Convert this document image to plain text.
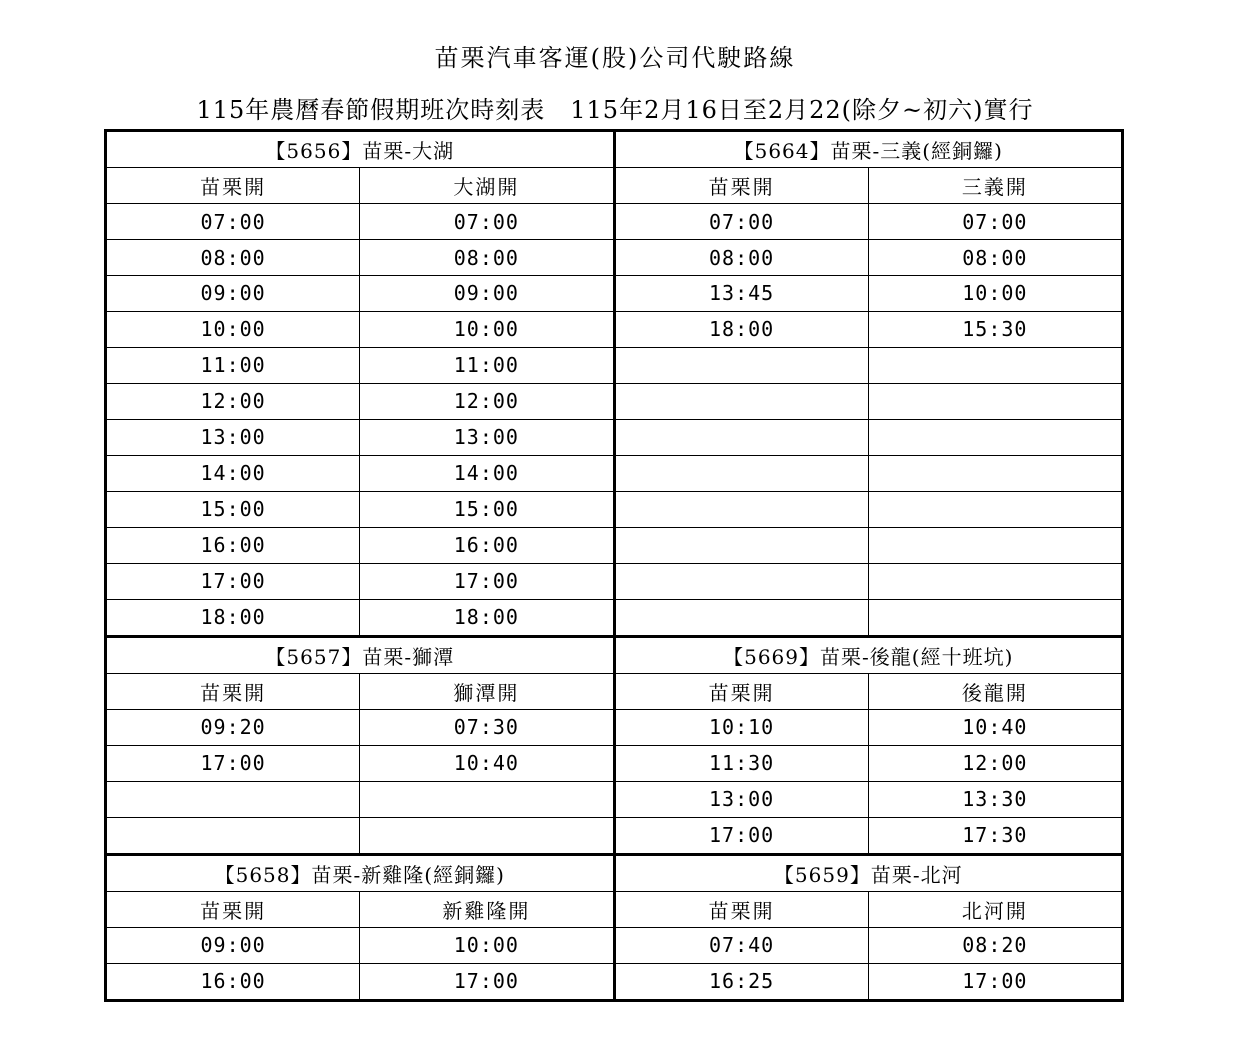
苗栗汽車客運(股)公司代駛路線
115年農曆春節假期班次時刻表　115年2月16日至2月22(除夕~初六)實行
【5656】苗栗-大湖		【5664】苗栗-三義(經銅鑼)	
苗栗開	大湖開	苗栗開	三義開
07:00	07:00	07:00	07:00
08:00	08:00	08:00	08:00
09:00	09:00	13:45	10:00
10:00	10:00	18:00	15:30
11:00	11:00		
12:00	12:00		
13:00	13:00		
14:00	14:00		
15:00	15:00		
16:00	16:00		
17:00	17:00		
18:00	18:00		
【5657】苗栗-獅潭		【5669】苗栗-後龍(經十班坑)	
苗栗開	獅潭開	苗栗開	後龍開
09:20	07:30	10:10	10:40
17:00	10:40	11:30	12:00
		13:00	13:30
		17:00	17:30
【5658】苗栗-新雞隆(經銅鑼)		【5659】苗栗-北河	
苗栗開	新雞隆開	苗栗開	北河開
09:00	10:00	07:40	08:20
16:00	17:00	16:25	17:00
